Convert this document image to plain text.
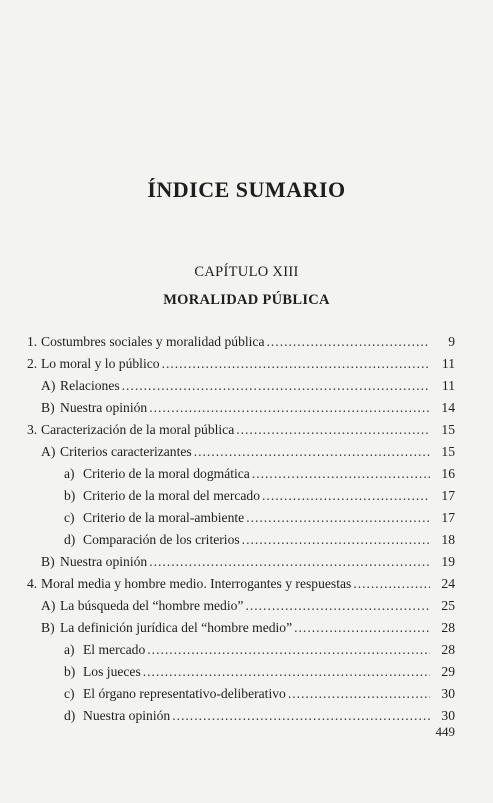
ÍNDICE SUMARIO
CAPÍTULO XIII
MORALIDAD PÚBLICA
1. Costumbres sociales y moralidad pública . . .	9
2. Lo moral y lo público . . .	11
A) Relaciones . . .	11
B) Nuestra opinión . . .	14
3. Caracterización de la moral pública . . .	15
A) Criterios caracterizantes . . .	15
a) Criterio de la moral dogmática . . .	16
b) Criterio de la moral del mercado . . .	17
c) Criterio de la moral-ambiente . . .	17
d) Comparación de los criterios . . .	18
B) Nuestra opinión . . .	19
4. Moral media y hombre medio. Interrogantes y respuestas . . .	24
A) La búsqueda del “hombre medio” . . .	25
B) La definición jurídica del “hombre medio” . . .	28
a) El mercado . . .	28
b) Los jueces . . .	29
c) El órgano representativo-deliberativo . . .	30
d) Nuestra opinión . . .	30
449
